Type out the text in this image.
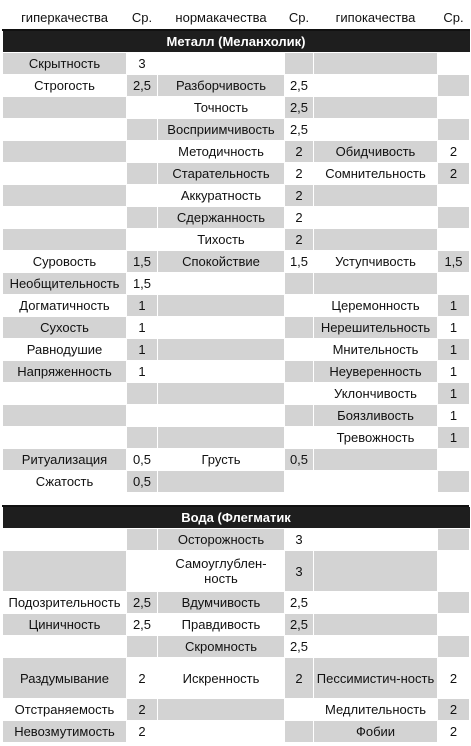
гиперкачества	Ср.	нормакачества	Ср.	гипокачества	Ср.
Металл (Меланхолик)					
Скрытность	3				
Строгость	2,5	Разборчивость	2,5		
		Точность	2,5		
		Восприимчивость	2,5		
		Методичность	2	Обидчивость	2
		Старательность	2	Сомнительность	2
		Аккуратность	2		
		Сдержанность	2		
		Тихость	2		
Суровость	1,5	Спокойствие	1,5	Уступчивость	1,5
Необщительность	1,5				
Догматичность	1			Церемонность	1
Сухость	1			Нерешительность	1
Равнодушие	1			Мнительность	1
Напряженность	1			Неуверенность	1
				Уклончивость	1
				Боязливость	1
				Тревожность	1
Ритуализация	0,5	Грусть	0,5		
Сжатость	0,5				
Вода (Флегматик					
		Осторожность	3		
		Самоуглублен-ность	3		
Подозрительность	2,5	Вдумчивость	2,5		
Циничность	2,5	Правдивость	2,5		
		Скромность	2,5		
Раздумывание	2	Искренность	2	Пессимистич-ность	2
Отстраняемость	2			Медлительность	2
Невозмутимость	2			Фобии	2
